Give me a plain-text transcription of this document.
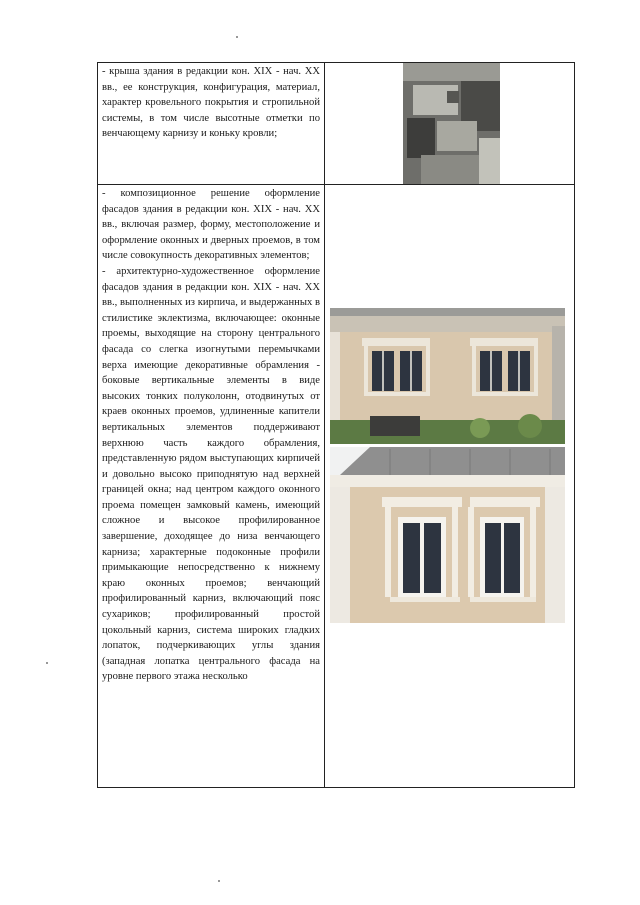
- крыша здания в редакции кон. XIX - нач. XX вв., ее конструкция, конфигурация, материал, характер кровельного покрытия и стропильной системы, в том числе высотные отметки по венчающему карнизу и коньку кровли;

- композиционное решение оформление фасадов здания в редакции кон. XIX - нач. XX вв., включая размер, форму, местоположение и оформление оконных и дверных проемов, в том числе совокупность декоративных элементов;

- архитектурно-художественное оформление фасадов здания в редакции кон. XIX - нач. XX вв., выполненных из кирпича, и выдержанных в стилистике эклектизма, включающее: оконные проемы, выходящие на сторону центрального фасада со слегка изогнутыми перемычками верха имеющие декоративные обрамления - боковые вертикальные элементы в виде высоких тонких полуколонн, отодвинутых от краев оконных проемов, удлиненные капители вертикальных элементов поддерживают верхнюю часть каждого обрамления, представленную рядом выступающих кирпичей и довольно высоко приподнятую над верхней границей окна; над центром каждого оконного проема помещен замковый камень, имеющий сложное и высокое профилированное завершение, доходящее до низа венчающего карниза; характерные подоконные профили примыкающие непосредственно к нижнему краю оконных проемов; венчающий профилированный карниз, включающий пояс сухариков; профилированный простой цокольный карниз, система широких гладких лопаток, подчеркивающих углы здания (западная лопатка центрального фасада на уровне первого этажа несколько
